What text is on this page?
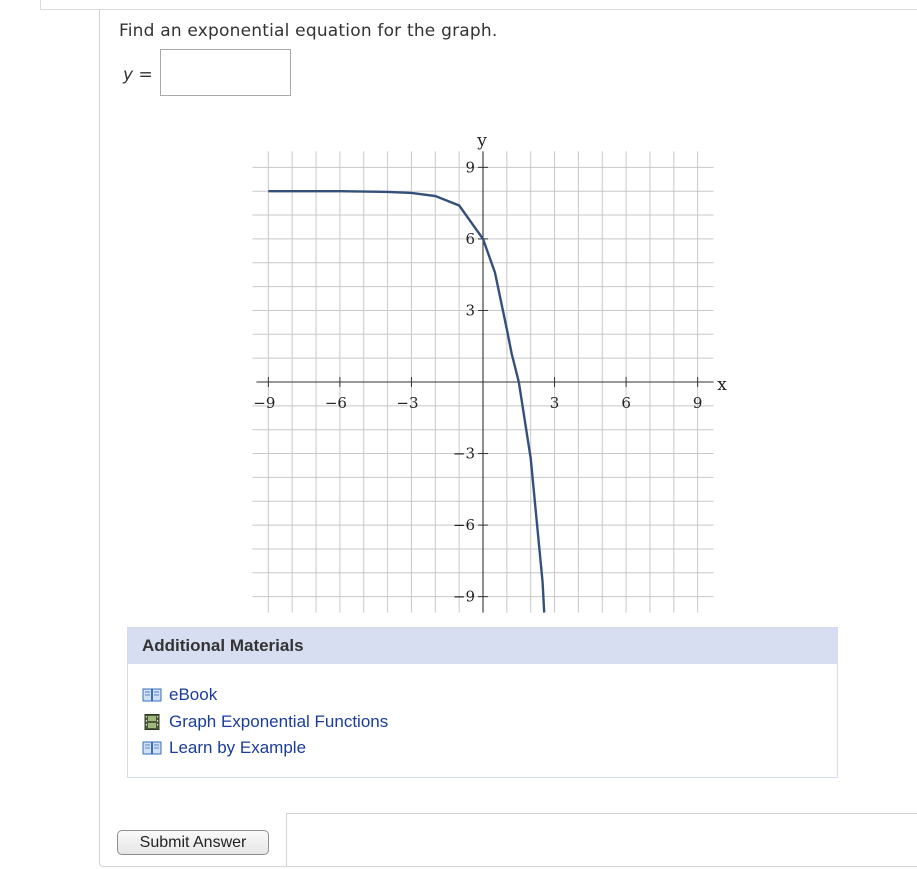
Find an exponential equation for the graph.
y =
−9	−6	−3	3	6	9
9
6
3
−3
−6
−9
x
y
Additional Materials
eBook
Graph Exponential Functions
Learn by Example
Submit Answer
